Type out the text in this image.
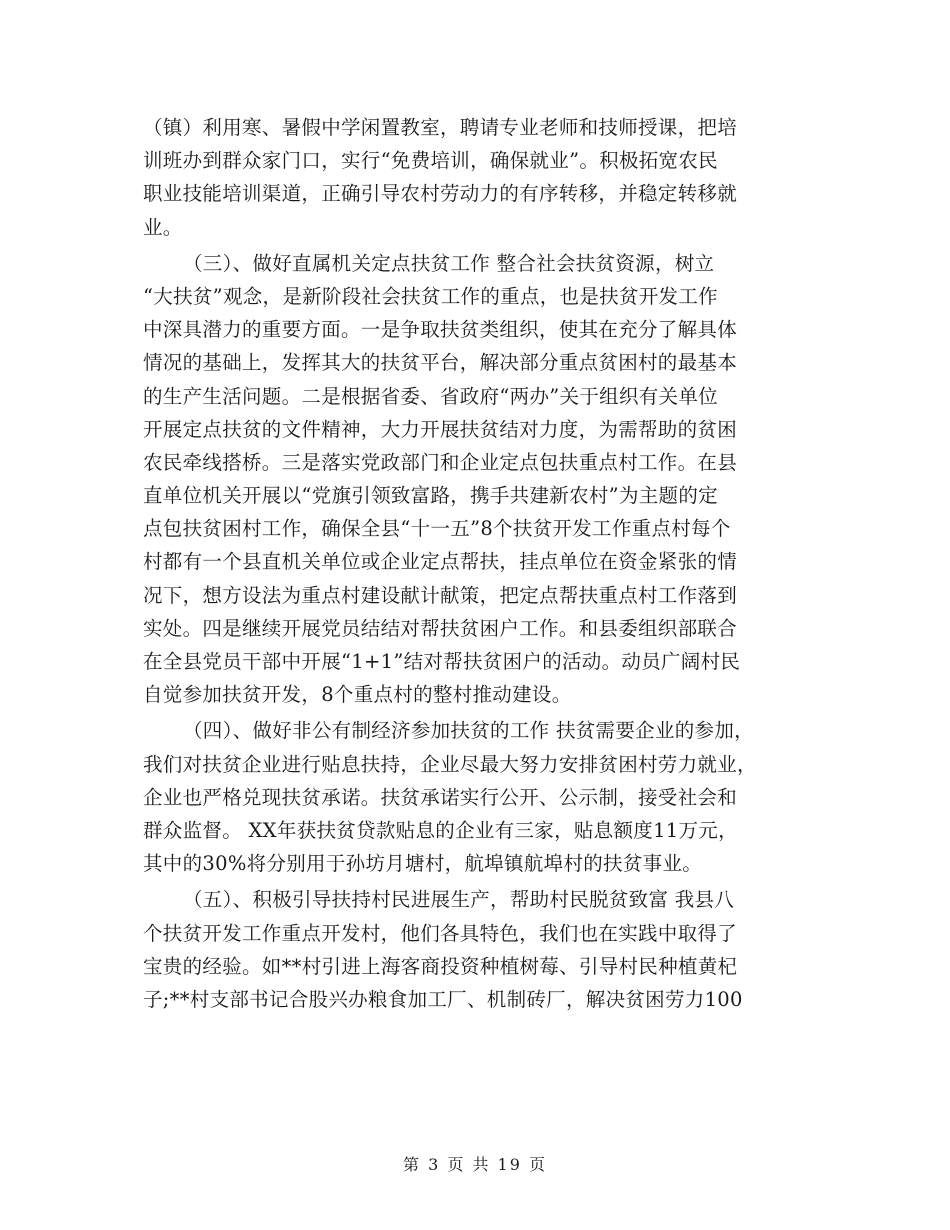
（镇）利用寒、暑假中学闲置教室，聘请专业老师和技师授课，把培
训班办到群众家门口，实行“免费培训，确保就业”。积极拓宽农民
职业技能培训渠道，正确引导农村劳动力的有序转移，并稳定转移就
业。
（三）、做好直属机关定点扶贫工作 整合社会扶贫资源，树立
“大扶贫”观念，是新阶段社会扶贫工作的重点，也是扶贫开发工作
中深具潜力的重要方面。一是争取扶贫类组织，使其在充分了解具体
情况的基础上，发挥其大的扶贫平台，解决部分重点贫困村的最基本
的生产生活问题。二是根据省委、省政府“两办”关于组织有关单位
开展定点扶贫的文件精神，大力开展扶贫结对力度，为需帮助的贫困
农民牵线搭桥。三是落实党政部门和企业定点包扶重点村工作。在县
直单位机关开展以“党旗引领致富路，携手共建新农村”为主题的定
点包扶贫困村工作，确保全县“十一五”8个扶贫开发工作重点村每个
村都有一个县直机关单位或企业定点帮扶，挂点单位在资金紧张的情
况下，想方设法为重点村建设献计献策，把定点帮扶重点村工作落到
实处。四是继续开展党员结结对帮扶贫困户工作。和县委组织部联合
在全县党员干部中开展“1+1”结对帮扶贫困户的活动。动员广阔村民
自觉参加扶贫开发，8个重点村的整村推动建设。
（四）、做好非公有制经济参加扶贫的工作 扶贫需要企业的参加，
我们对扶贫企业进行贴息扶持，企业尽最大努力安排贫困村劳力就业，
企业也严格兑现扶贫承诺。扶贫承诺实行公开、公示制，接受社会和
群众监督。 XX年获扶贫贷款贴息的企业有三家，贴息额度11万元，
其中的30%将分别用于孙坊月塘村，航埠镇航埠村的扶贫事业。
（五）、积极引导扶持村民进展生产，帮助村民脱贫致富 我县八
个扶贫开发工作重点开发村，他们各具特色，我们也在实践中取得了
宝贵的经验。如**村引进上海客商投资种植树莓、引导村民种植黄杞
子;**村支部书记合股兴办粮食加工厂、机制砖厂，解决贫困劳力100
第 3 页 共 19 页
